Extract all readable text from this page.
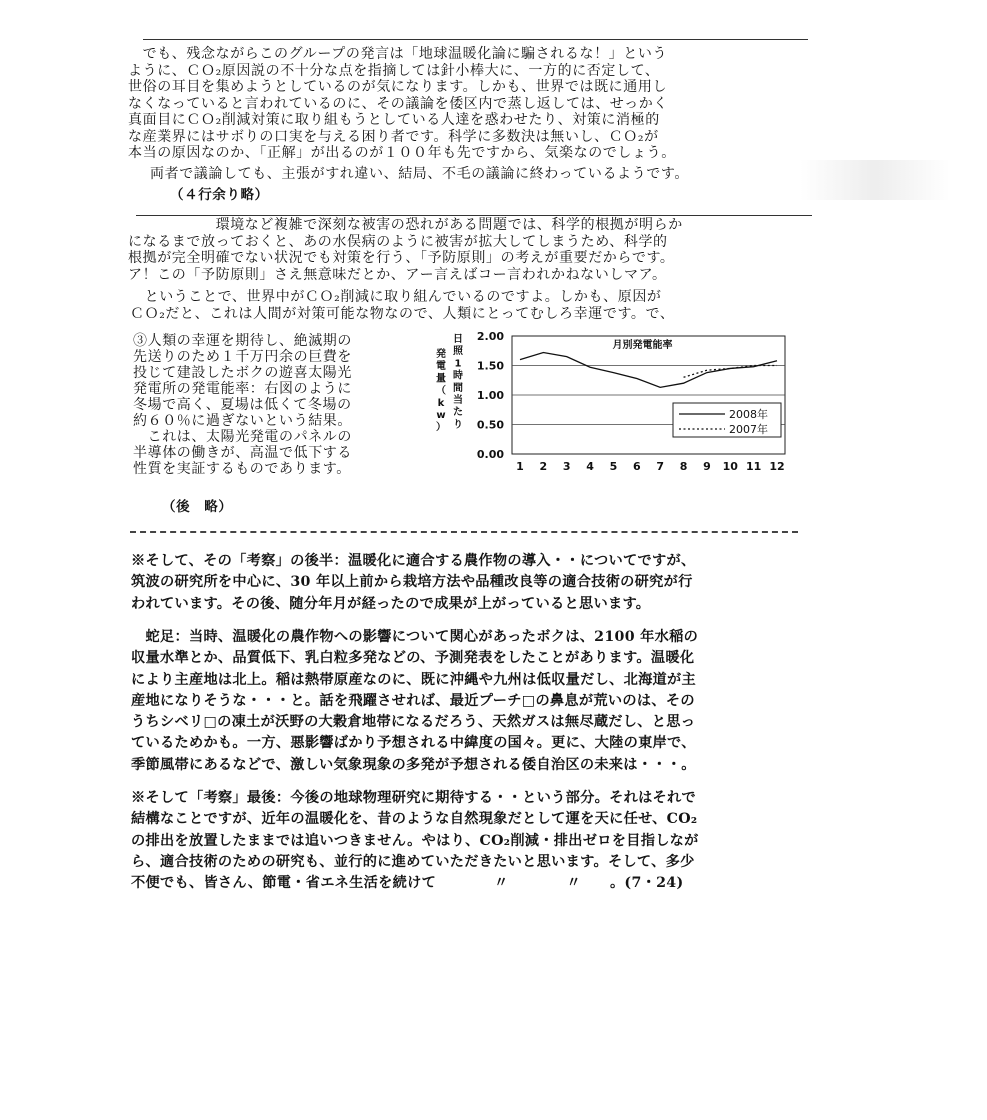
　でも、残念ながらこのグループの発言は「地球温暖化論に騙されるな！」という
ように、ＣＯ₂原因説の不十分な点を指摘しては針小棒大に、一方的に否定して、
世俗の耳目を集めようとしているのが気になります。しかも、世界では既に通用し
なくなっていると言われているのに、その議論を倭区内で蒸し返しては、せっかく
真面目にＣＯ₂削減対策に取り組もうとしている人達を惑わせたり、対策に消極的
な産業界にはサボりの口実を与える困り者です。科学に多数決は無いし、ＣＯ₂が
本当の原因なのか、「正解」が出るのが１００年も先ですから、気楽なのでしょう。
両者で議論しても、主張がすれ違い、結局、不毛の議論に終わっているようです。
（４行余り略）
　　　　　　環境など複雑で深刻な被害の恐れがある問題では、科学的根拠が明らか
になるまで放っておくと、あの水俣病のように被害が拡大してしまうため、科学的
根拠が完全明確でない状況でも対策を行う、「予防原則」の考えが重要だからです。
ア！この「予防原則」さえ無意味だとか、アー言えばコー言われかねないしマア。
　ということで、世界中がＣＯ₂削減に取り組んでいるのですよ。しかも、原因が
ＣＯ₂だと、これは人間が対策可能な物なので、人類にとってむしろ幸運です。で、
③人類の幸運を期待し、絶滅期の
先送りのため１千万円余の巨費を
投じて建設したボクの遊喜太陽光
発電所の発電能率：右図のように
冬場で高く、夏場は低くて冬場の
約６０％に過ぎないという結果。
　これは、太陽光発電のパネルの
半導体の働きが、高温で低下する
性質を実証するものであります。
0.00
0.50
1.00
1.50
2.00
1 2 3 4 5 6 7 8 9 10 11 12
月別発電能率
日照 1 時間当たり
発電量（ k w ）
2008年
2007年
（後　略）
※そして、その「考察」の後半：温暖化に適合する農作物の導入・・についてですが、
筑波の研究所を中心に、30 年以上前から栽培方法や品種改良等の適合技術の研究が行
われています。その後、随分年月が経ったので成果が上がっていると思います。
　蛇足：当時、温暖化の農作物への影響について関心があったボクは、2100 年水稲の
収量水準とか、品質低下、乳白粒多発などの、予測発表をしたことがあります。温暖化
により主産地は北上。稲は熱帯原産なのに、既に沖縄や九州は低収量だし、北海道が主
産地になりそうな・・・と。話を飛躍させれば、最近プーチ□の鼻息が荒いのは、その
うちシベリ□の凍土が沃野の大穀倉地帯になるだろう、天然ガスは無尽蔵だし、と思っ
ているためかも。一方、悪影響ばかり予想される中緯度の国々。更に、大陸の東岸で、
季節風帯にあるなどで、激しい気象現象の多発が予想される倭自治区の未来は・・・。
※そして「考察」最後：今後の地球物理研究に期待する・・という部分。それはそれで
結構なことですが、近年の温暖化を、昔のような自然現象だとして運を天に任せ、CO₂
の排出を放置したままでは追いつきません。やはり、CO₂削減・排出ゼロを目指しなが
ら、適合技術のための研究も、並行的に進めていただきたいと思います。そして、多少
不便でも、皆さん、節電・省エネ生活を続けて　　　　〃　　　　〃　　。(7・24)
